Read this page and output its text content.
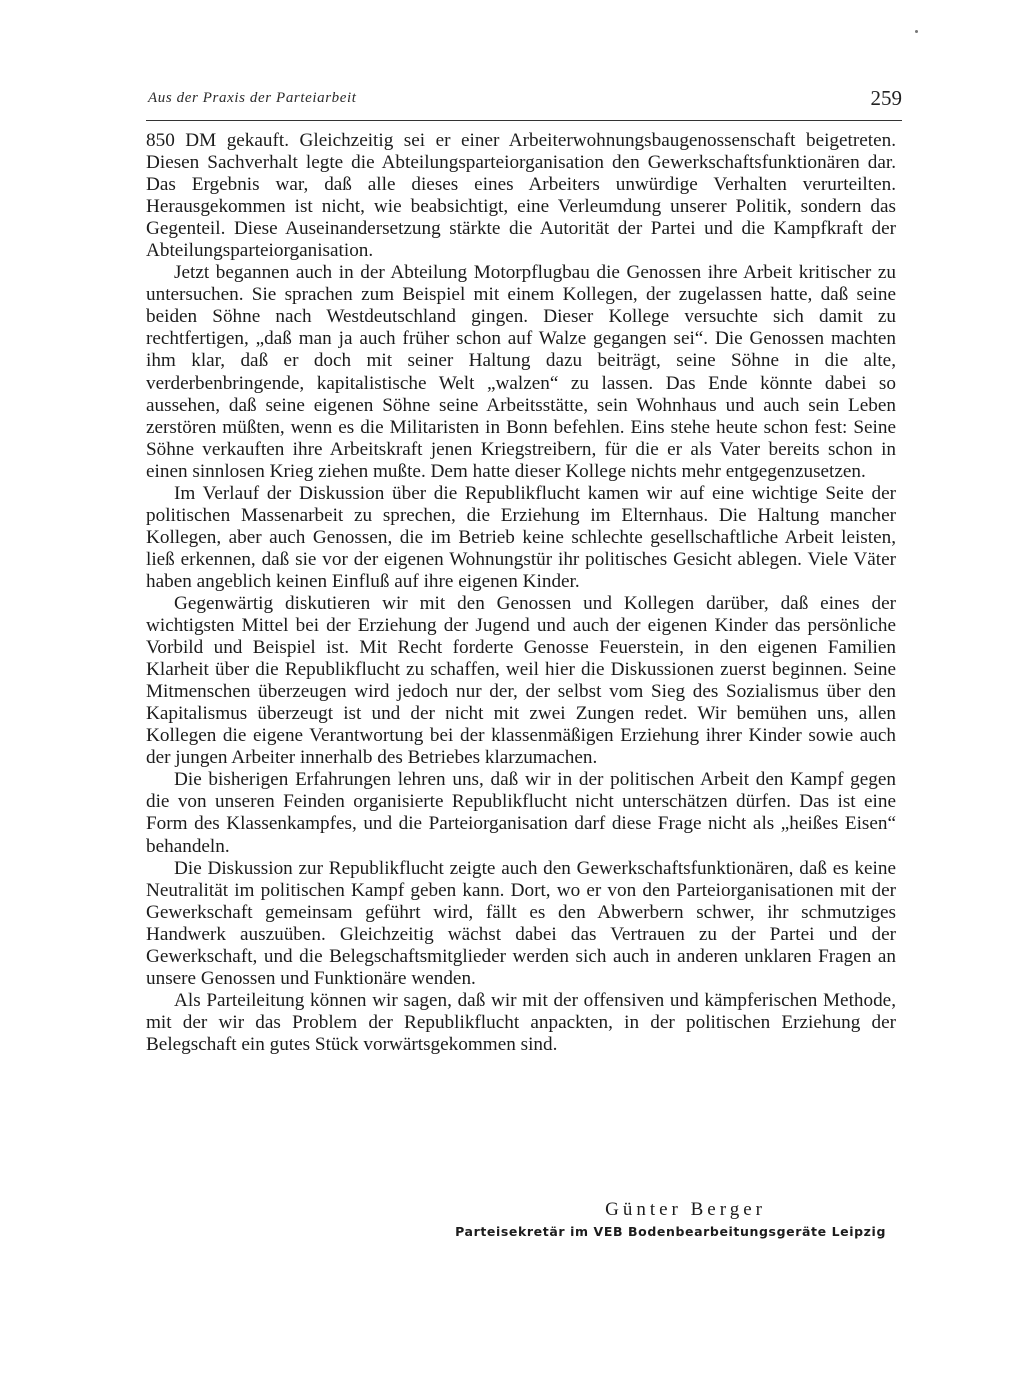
Aus der Praxis der Parteiarbeit	259

850 DM gekauft. Gleichzeitig sei er einer Arbeiterwohnungsbaugenossenschaft beigetreten. Diesen Sachverhalt legte die Abteilungsparteiorganisation den Gewerkschaftsfunktionären dar. Das Ergebnis war, daß alle dieses eines Arbeiters unwürdige Verhalten verurteilten. Herausgekommen ist nicht, wie beabsichtigt, eine Verleumdung unserer Politik, sondern das Gegenteil. Diese Auseinandersetzung stärkte die Autorität der Partei und die Kampfkraft der Abteilungsparteiorganisation.

Jetzt begannen auch in der Abteilung Motorpflugbau die Genossen ihre Arbeit kritischer zu untersuchen. Sie sprachen zum Beispiel mit einem Kollegen, der zugelassen hatte, daß seine beiden Söhne nach Westdeutschland gingen. Dieser Kollege versuchte sich damit zu rechtfertigen, „daß man ja auch früher schon auf Walze gegangen sei“. Die Genossen machten ihm klar, daß er doch mit seiner Haltung dazu beiträgt, seine Söhne in die alte, verderbenbringende, kapitalistische Welt „walzen“ zu lassen. Das Ende könnte dabei so aussehen, daß seine eigenen Söhne seine Arbeitsstätte, sein Wohnhaus und auch sein Leben zerstören müßten, wenn es die Militaristen in Bonn befehlen. Eins stehe heute schon fest: Seine Söhne verkauften ihre Arbeitskraft jenen Kriegstreibern, für die er als Vater bereits schon in einen sinnlosen Krieg ziehen mußte. Dem hatte dieser Kollege nichts mehr entgegenzusetzen.

Im Verlauf der Diskussion über die Republikflucht kamen wir auf eine wichtige Seite der politischen Massenarbeit zu sprechen, die Erziehung im Elternhaus. Die Haltung mancher Kollegen, aber auch Genossen, die im Betrieb keine schlechte gesellschaftliche Arbeit leisten, ließ erkennen, daß sie vor der eigenen Wohnungstür ihr politisches Gesicht ablegen. Viele Väter haben angeblich keinen Einfluß auf ihre eigenen Kinder.

Gegenwärtig diskutieren wir mit den Genossen und Kollegen darüber, daß eines der wichtigsten Mittel bei der Erziehung der Jugend und auch der eigenen Kinder das persönliche Vorbild und Beispiel ist. Mit Recht forderte Genosse Feuerstein, in den eigenen Familien Klarheit über die Republikflucht zu schaffen, weil hier die Diskussionen zuerst beginnen. Seine Mitmenschen überzeugen wird jedoch nur der, der selbst vom Sieg des Sozialismus über den Kapitalismus überzeugt ist und der nicht mit zwei Zungen redet. Wir bemühen uns, allen Kollegen die eigene Verantwortung bei der klassenmäßigen Erziehung ihrer Kinder sowie auch der jungen Arbeiter innerhalb des Betriebes klarzumachen.

Die bisherigen Erfahrungen lehren uns, daß wir in der politischen Arbeit den Kampf gegen die von unseren Feinden organisierte Republikflucht nicht unterschätzen dürfen. Das ist eine Form des Klassenkampfes, und die Parteiorganisation darf diese Frage nicht als „heißes Eisen“ behandeln.

Die Diskussion zur Republikflucht zeigte auch den Gewerkschaftsfunktionären, daß es keine Neutralität im politischen Kampf geben kann. Dort, wo er von den Parteiorganisationen mit der Gewerkschaft gemeinsam geführt wird, fällt es den Abwerbern schwer, ihr schmutziges Handwerk auszuüben. Gleichzeitig wächst dabei das Vertrauen zu der Partei und der Gewerkschaft, und die Belegschaftsmitglieder werden sich auch in anderen unklaren Fragen an unsere Genossen und Funktionäre wenden.

Als Parteileitung können wir sagen, daß wir mit der offensiven und kämpferischen Methode, mit der wir das Problem der Republikflucht anpackten, in der politischen Erziehung der Belegschaft ein gutes Stück vorwärtsgekommen sind.

Günter Berger
Parteisekretär im VEB Bodenbearbeitungsgeräte Leipzig
